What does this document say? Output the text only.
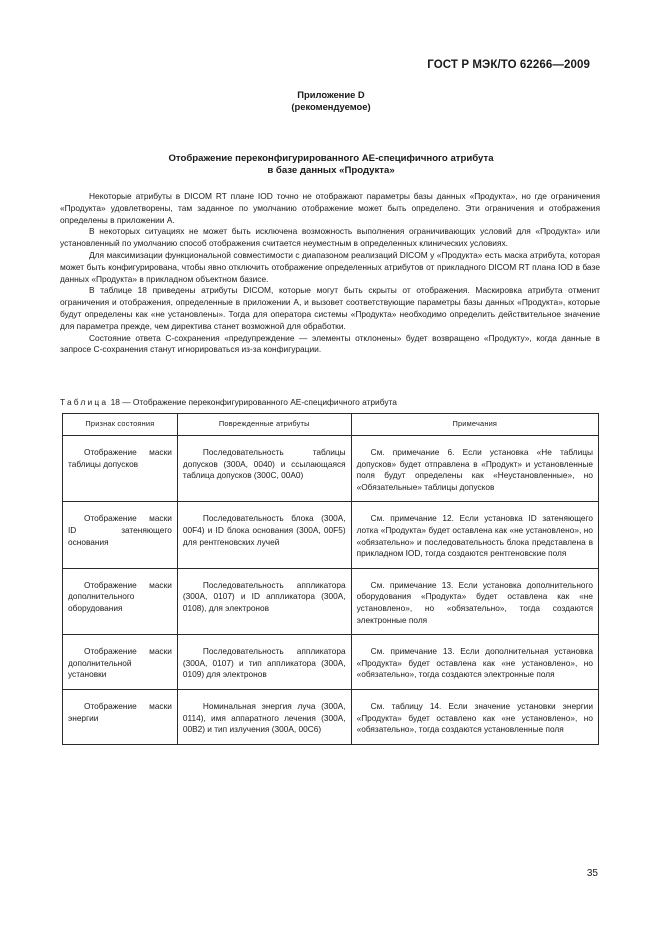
ГОСТ Р МЭК/ТО 62266—2009
Приложение D
(рекомендуемое)
Отображение переконфигурированного АЕ-специфичного атрибута
в базе данных «Продукта»

Некоторые атрибуты в DICOM RT плане IOD точно не отображают параметры базы данных «Продукта», но где ограничения «Продукта» удовлетворены, там заданное по умолчанию отображение может быть определено. Эти ограничения и отображения определены в приложении А.

В некоторых ситуациях не может быть исключена возможность выполнения ограничивающих условий для «Продукта» или установленный по умолчанию способ отображения считается неуместным в определенных клинических условиях.

Для максимизации функциональной совместимости с диапазоном реализаций DICOM у «Продукта» есть маска атрибута, которая может быть конфигурирована, чтобы явно отключить отображение определенных атрибутов от прикладного DICOM RT плана IOD в базе данных «Продукта» в прикладном объектном базисе.

В таблице 18 приведены атрибуты DICOM, которые могут быть скрыты от отображения. Маскировка атрибута отменит ограничения и отображения, определенные в приложении А, и вызовет соответствующие параметры базы данных «Продукта», которые будут определены как «не установлены». Тогда для оператора системы «Продукта» необходимо определить действительное значение для параметра прежде, чем директива станет возможной для обработки.

Состояние ответа С-сохранения «предупреждение — элементы отклонены» будет возвращено «Продукту», когда данные в запросе С-сохранения станут игнорироваться из-за конфигурации.

Таблица 18 — Отображение переконфигурированного АЕ-специфичного атрибута
Признак состояния	Поврежденные атрибуты	Примечания
Отображение маски таблицы допусков	Последовательность таблицы допусков (300А, 0040) и ссылающаяся таблица допусков (300С, 00А0)	См. примечание 6. Если установка «Не таблицы допусков» будет отправлена в «Продукт» и установленные поля будут определены как «Неустановленные», но «Обязательные» таблицы допусков
Отображение маски ID затеняющего основания	Последовательность блока (300А, 00F4) и ID блока основания (300А, 00F5) для рентгеновских лучей	См. примечание 12. Если установка ID затеняющего лотка «Продукта» будет оставлена как «не установлено», но «обязательно» и последовательность блока представлена в прикладном IOD, тогда создаются рентгеновские поля
Отображение маски дополнительного оборудования	Последовательность аппликатора (300А, 0107) и ID аппликатора (300А, 0108), для электронов	См. примечание 13. Если установка дополнительного оборудования «Продукта» будет оставлена как «не установлено», но «обязательно», тогда создаются электронные поля
Отображение маски дополнительной установки	Последовательность аппликатора (300А, 0107) и тип аппликатора (300А, 0109) для электронов	См. примечание 13. Если дополнительная установка «Продукта» будет оставлена как «не установлено», но «обязательно», тогда создаются электронные поля
Отображение маски энергии	Номинальная энергия луча (300А, 0114), имя аппаратного лечения (300А, 00В2) и тип излучения (300А, 00С6)	См. таблицу 14. Если значение установки энергии «Продукта» будет оставлено как «не установлено», но «обязательно», тогда создаются установленные поля
35
